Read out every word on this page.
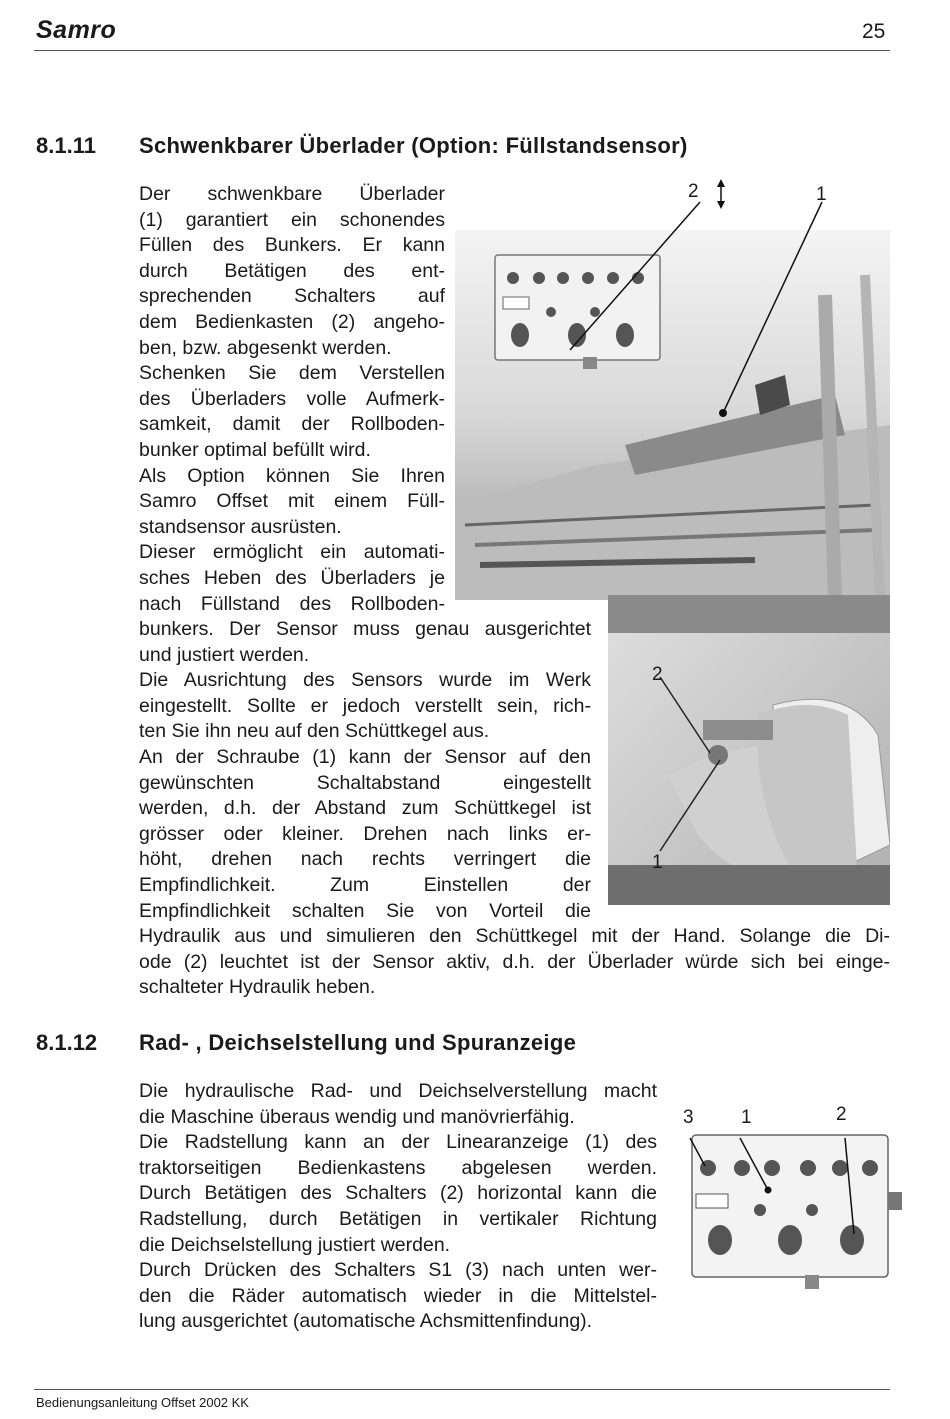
Samro	25
8.1.11 Schwenkbarer Überlader (Option: Füllstandsensor)
2	1
2
1

Der schwenkbare Überlader

(1) garantiert ein schonendes

Füllen des Bunkers. Er kann

durch Betätigen des ent-

sprechenden Schalters auf

dem Bedienkasten (2) angeho-

ben, bzw. abgesenkt werden.

Schenken Sie dem Verstellen

des Überladers volle Aufmerk-

samkeit, damit der Rollboden-

bunker optimal befüllt wird.

Als Option können Sie Ihren

Samro Offset mit einem Füll-

standsensor ausrüsten.

Dieser ermöglicht ein automati-

sches Heben des Überladers je

nach Füllstand des Rollboden-

bunkers. Der Sensor muss genau ausgerichtet

und justiert werden.

Die Ausrichtung des Sensors wurde im Werk

eingestellt. Sollte er jedoch verstellt sein, rich-

ten Sie ihn neu auf den Schüttkegel aus.

An der Schraube (1) kann der Sensor auf den

gewünschten Schaltabstand eingestellt

werden, d.h. der Abstand zum Schüttkegel ist

grösser oder kleiner. Drehen nach links er-

höht, drehen nach rechts verringert die

Empfindlichkeit. Zum Einstellen der

Empfindlichkeit schalten Sie von Vorteil die

Hydraulik aus und simulieren den Schüttkegel mit der Hand. Solange die Di-

ode (2) leuchtet ist der Sensor aktiv, d.h. der Überlader würde sich bei einge-

schalteter Hydraulik heben.

8.1.12 Rad- , Deichselstellung und Spuranzeige

Die hydraulische Rad- und Deichselverstellung macht

die Maschine überaus wendig und manövrierfähig.

Die Radstellung kann an der Linearanzeige (1) des

traktorseitigen Bedienkastens abgelesen werden.

Durch Betätigen des Schalters (2) horizontal kann die

Radstellung, durch Betätigen in vertikaler Richtung

die Deichselstellung justiert werden.

Durch Drücken des Schalters S1 (3) nach unten wer-

den die Räder automatisch wieder in die Mittelstel-

lung ausgerichtet (automatische Achsmittenfindung).

3 1	2
Bedienungsanleitung Offset 2002 KK
